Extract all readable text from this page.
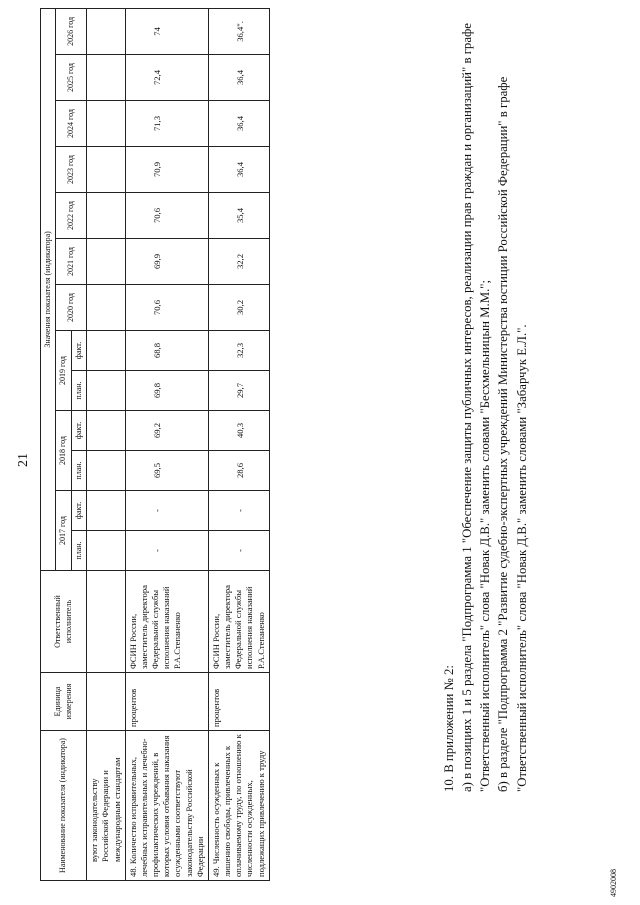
21
Наименование показателя (индикатора)	Единица измерения	Ответственный исполнитель	Значения показателя (индикатора)												
			2017 год		2018 год		2019 год		2020 год	2021 год	2022 год	2023 год	2024 год	2025 год	2026 год
			план.	факт.	план.	факт.	план.	факт.							
вуют законодательству Российской Федерации и международным стандартам															
48. Количество исправительных, лечебных исправительных и лечебно-профилактических учреждений, в которых условия отбывания наказания осужденными соответствуют законодательству Российской Федерации	процентов	ФСИН России, заместитель директора Федеральной службы исполнения наказаний Р.А.Степаненко	-	-	69,5	69,2	69,8	68,8	70,6	69,9	70,6	70,9	71,3	72,4	74
49. Численность осужденных к лишению свободы, привлеченных к оплачиваемому труду, по отношению к численности осужденных, подлежащих привлечению к труду	процентов	ФСИН России, заместитель директора Федеральной службы исполнения наказаний Р.А.Степаненко	-	-	28,6	40,3	29,7	32,3	30,2	32,2	35,4	36,4	36,4	36,4	36,4".

10. В приложении № 2: а) в позициях 1 и 5 раздела "Подпрограмма 1 "Обеспечение защиты публичных интересов, реализации прав граждан и организаций" в графе "Ответственный исполнитель" слова "Новак Д.В." заменить словами "Бесхмельницын М.М."; б) в разделе "Подпрограмма 2 "Развитие судебно-экспертных учреждений Министерства юстиции Российской Федерации" в графе "Ответственный исполнитель" слова "Новак Д.В." заменить словами "Забарчук Е.Л.".

4902008
